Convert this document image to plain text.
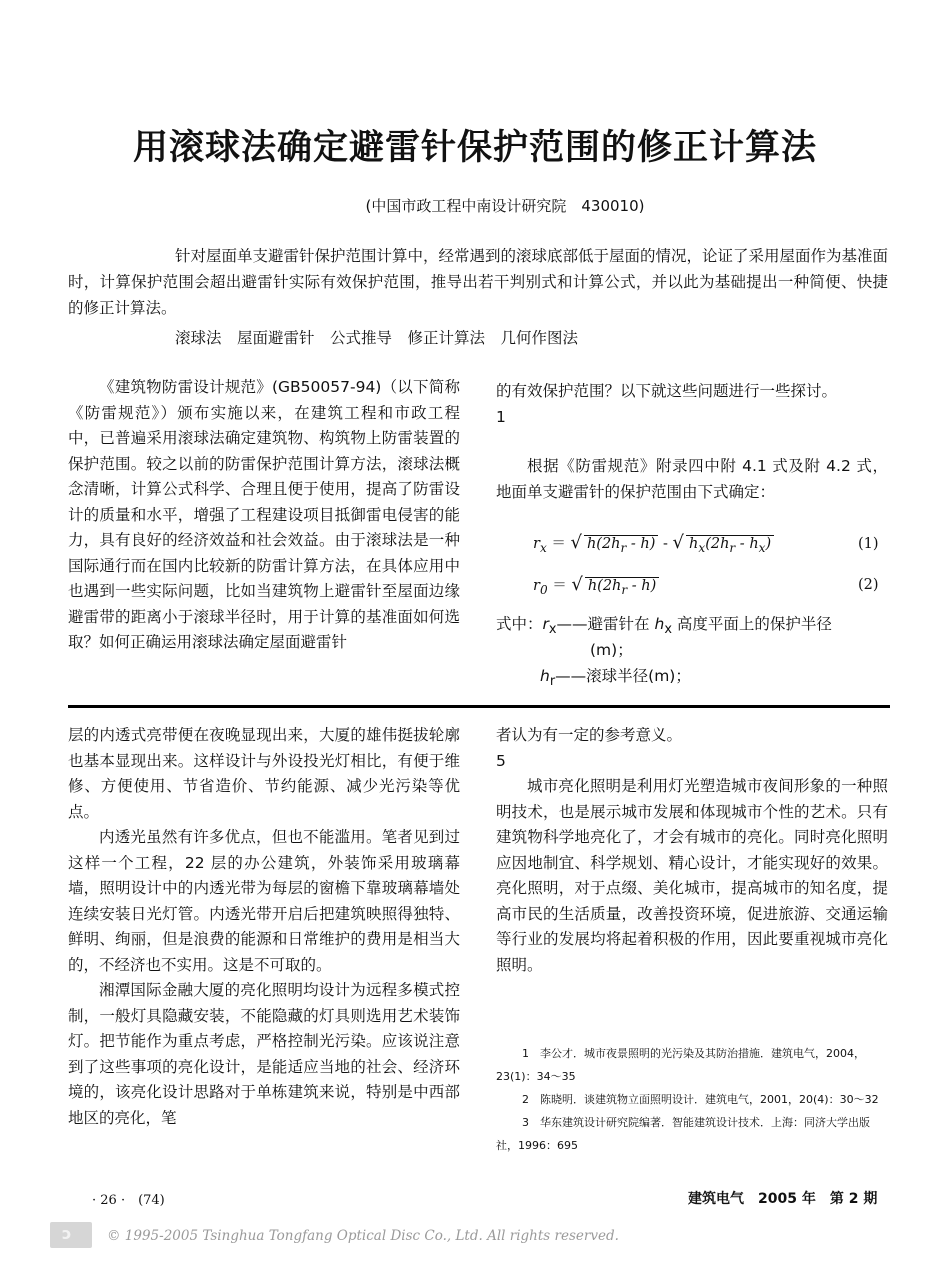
用滚球法确定避雷针保护范围的修正计算法
(中国市政工程中南设计研究院　430010)

针对屋面单支避雷针保护范围计算中，经常遇到的滚球底部低于屋面的情况，论证了采用屋面作为基准面时，计算保护范围会超出避雷针实际有效保护范围，推导出若干判别式和计算公式，并以此为基础提出一种简便、快捷的修正计算法。

滚球法　屋面避雷针　公式推导　修正计算法　几何作图法

《建筑物防雷设计规范》(GB50057-94)（以下简称《防雷规范》）颁布实施以来，在建筑工程和市政工程中，已普遍采用滚球法确定建筑物、构筑物上防雷装置的保护范围。较之以前的防雷保护范围计算方法，滚球法概念清晰，计算公式科学、合理且便于使用，提高了防雷设计的质量和水平，增强了工程建设项目抵御雷电侵害的能力，具有良好的经济效益和社会效益。由于滚球法是一种国际通行而在国内比较新的防雷计算方法，在具体应用中也遇到一些实际问题，比如当建筑物上避雷针至屋面边缘避雷带的距离小于滚球半径时，用于计算的基准面如何选取？如何正确运用滚球法确定屋面避雷针

的有效保护范围？以下就这些问题进行一些探讨。

1

根据《防雷规范》附录四中附 4.1 式及附 4.2 式，地面单支避雷针的保护范围由下式确定：

$r_x$ ＝ √ $h(2h_r - h)$ - √ $h_x(2h_r - h_x)$	(1)
$r_0$ ＝ √ $h(2h_r - h)$	(2)
式中：$r_x——$避雷针在 $h_x$ 高度平面上的保护半径
(m)；
$h_r——$滚球半径(m)；

层的内透式亮带便在夜晚显现出来，大厦的雄伟挺拔轮廓也基本显现出来。这样设计与外设投光灯相比，有便于维修、方便使用、节省造价、节约能源、减少光污染等优点。

内透光虽然有许多优点，但也不能滥用。笔者见到过这样一个工程，22 层的办公建筑，外装饰采用玻璃幕墙，照明设计中的内透光带为每层的窗檐下靠玻璃幕墙处连续安装日光灯管。内透光带开启后把建筑映照得独特、鲜明、绚丽，但是浪费的能源和日常维护的费用是相当大的，不经济也不实用。这是不可取的。

湘潭国际金融大厦的亮化照明均设计为远程多模式控制，一般灯具隐藏安装，不能隐藏的灯具则选用艺术装饰灯。把节能作为重点考虑，严格控制光污染。应该说注意到了这些事项的亮化设计，是能适应当地的社会、经济环境的，该亮化设计思路对于单栋建筑来说，特别是中西部地区的亮化，笔

者认为有一定的参考意义。

5

城市亮化照明是利用灯光塑造城市夜间形象的一种照明技术，也是展示城市发展和体现城市个性的艺术。只有建筑物科学地亮化了，才会有城市的亮化。同时亮化照明应因地制宜、科学规划、精心设计，才能实现好的效果。亮化照明，对于点缀、美化城市，提高城市的知名度，提高市民的生活质量，改善投资环境，促进旅游、交通运输等行业的发展均将起着积极的作用，因此要重视城市亮化照明。

1　李公才．城市夜景照明的光污染及其防治措施．建筑电气，2004，23(1)：34～35

2　陈晓明．谈建筑物立面照明设计．建筑电气，2001，20(4)：30～32

3　华东建筑设计研究院编著．智能建筑设计技术．上海：同济大学出版社，1996：695

· 26 ·　(74)	建筑电气　2005 年　第 2 期
ↄ	© 1995-2005 Tsinghua Tongfang Optical Disc Co., Ltd. All rights reserved.
